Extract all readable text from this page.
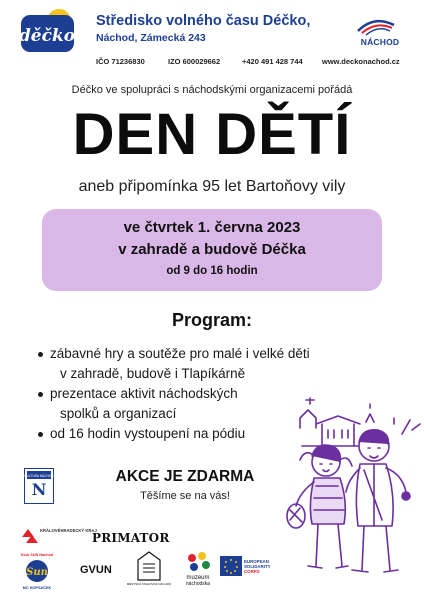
děčko
Středisko volného času Déčko,
Náchod, Zámecká 243	NÁCHOD
IČO 71236830	IZO 600029662	+420 491 428 744	www.deckonachod.cz
Déčko ve spolupráci s náchodskými organizacemi pořádá
DEN DĚTÍ
aneb připomínka 95 let Bartoňovy vily
ve čtvrtek 1. června 2023
v zahradě a budově Déčka
od 9 do 16 hodin
Program:
zábavné hry a soutěže pro malé i velké děti
v zahradě, budově i Tlapíkárně
prezentace aktivit náchodských
spolků a organizací
od 16 hodin vystoupení na pódiu
AKCE JE ZDARMA
Těšíme se na vás!
N
KULTURA NÁCHOD
KRÁLOVÉHRADECKÝ KRAJ
PRIMATOR
Klub SUN Náchod
Sun
MC HOPSÁČEK
GVUN
MĚSTSKÁ KNIHOVNA NÁCHOD
muzeum
náchodska
EUROPEAN
SOLIDARITY
CORPS
